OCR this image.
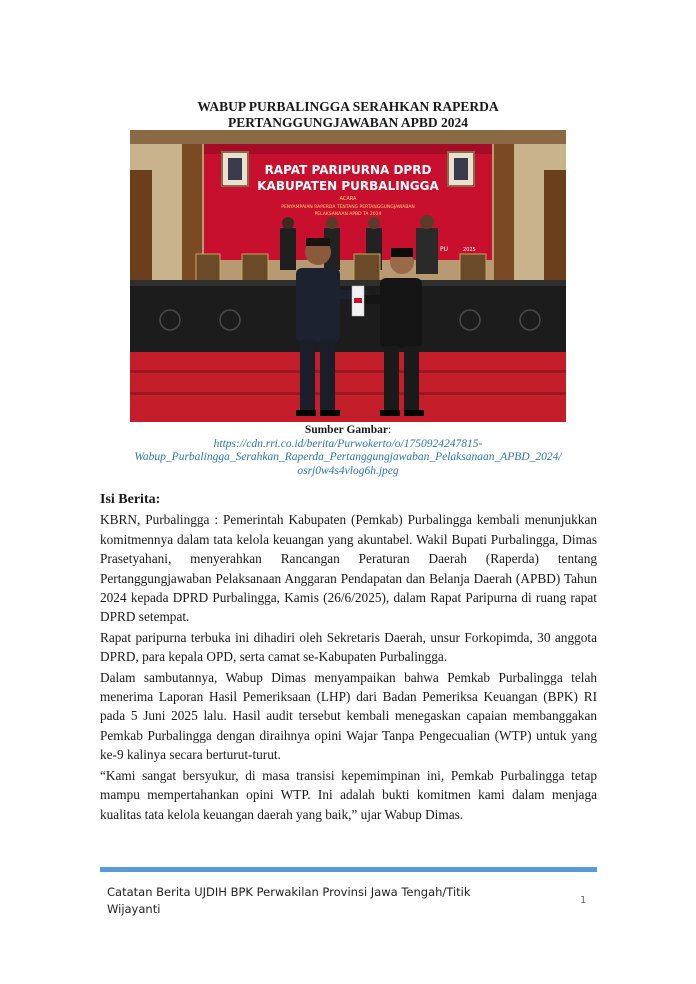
WABUP PURBALINGGA SERAHKAN RAPERDA
PERTANGGUNGJAWABAN APBD 2024
RAPAT PARIPURNA DPRD
KABUPATEN PURBALINGGA
ACARA
PENYAMPAIAN RAPERDA TENTANG PERTANGGUNGJAWABAN
PELAKSANAAN APBD TA 2024
PU	2025
Sumber Gambar:
https://cdn.rri.co.id/berita/Purwokerto/o/1750924247815-
Wabup_Purbalingga_Serahkan_Raperda_Pertanggungjawaban_Pelaksanaan_APBD_2024/
osrj0w4s4vlog6h.jpeg
Isi Berita:

KBRN, Purbalingga : Pemerintah Kabupaten (Pemkab) Purbalingga kembali menunjukkan komitmennya dalam tata kelola keuangan yang akuntabel. Wakil Bupati Purbalingga, Dimas Prasetyahani, menyerahkan Rancangan Peraturan Daerah (Raperda) tentang Pertanggungjawaban Pelaksanaan Anggaran Pendapatan dan Belanja Daerah (APBD) Tahun 2024 kepada DPRD Purbalingga, Kamis (26/6/2025), dalam Rapat Paripurna di ruang rapat DPRD setempat.

Rapat paripurna terbuka ini dihadiri oleh Sekretaris Daerah, unsur Forkopimda, 30 anggota DPRD, para kepala OPD, serta camat se-Kabupaten Purbalingga.

Dalam sambutannya, Wabup Dimas menyampaikan bahwa Pemkab Purbalingga telah menerima Laporan Hasil Pemeriksaan (LHP) dari Badan Pemeriksa Keuangan (BPK) RI pada 5 Juni 2025 lalu. Hasil audit tersebut kembali menegaskan capaian membanggakan Pemkab Purbalingga dengan diraihnya opini Wajar Tanpa Pengecualian (WTP) untuk yang ke-9 kalinya secara berturut-turut.

“Kami sangat bersyukur, di masa transisi kepemimpinan ini, Pemkab Purbalingga tetap mampu mempertahankan opini WTP. Ini adalah bukti komitmen kami dalam menjaga kualitas tata kelola keuangan daerah yang baik,” ujar Wabup Dimas.

Catatan Berita UJDIH BPK Perwakilan Provinsi Jawa Tengah/Titik
Wijayanti
1
